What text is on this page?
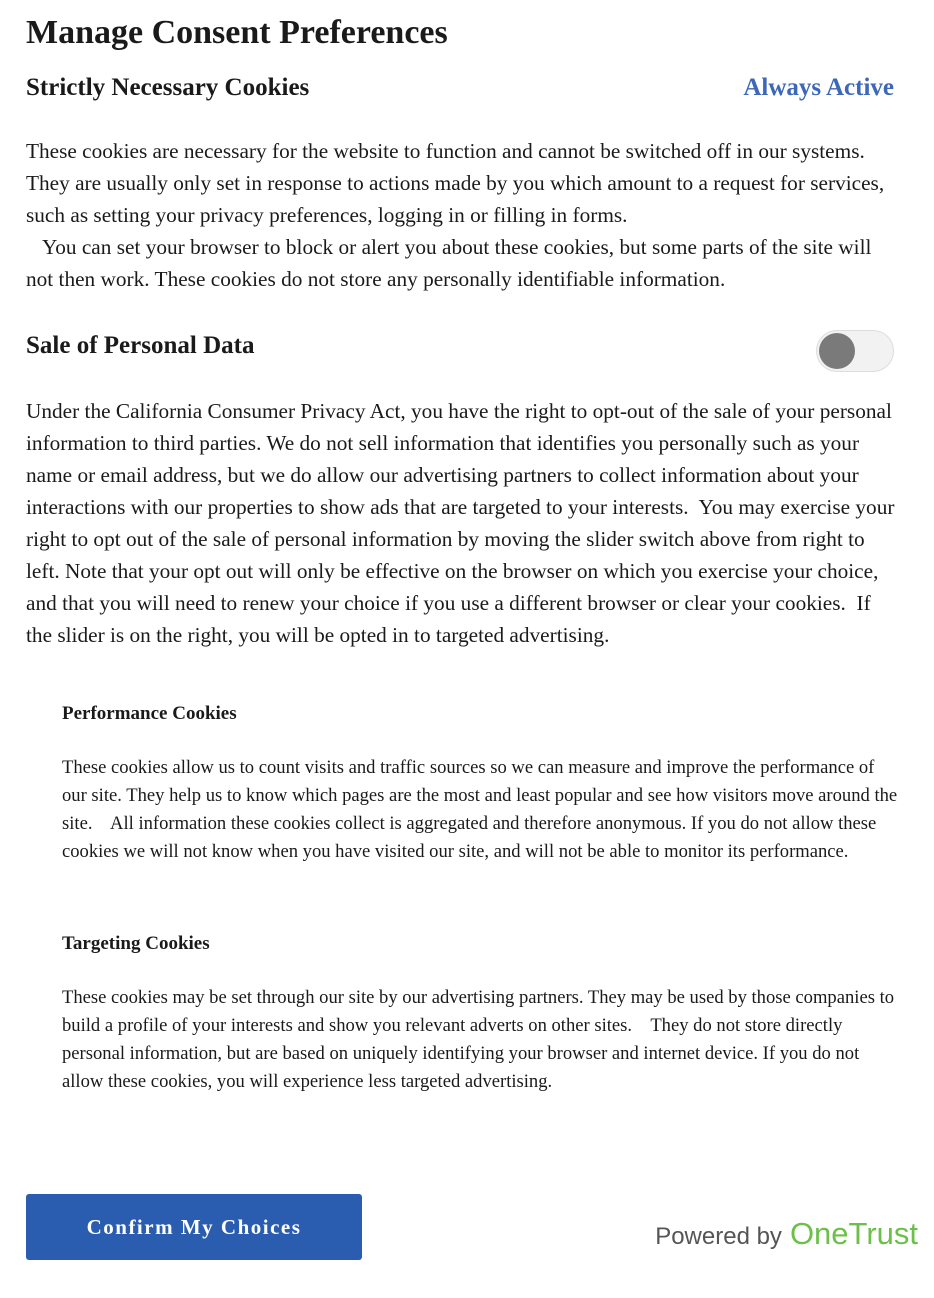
Manage Consent Preferences
Strictly Necessary Cookies	Always Active

These cookies are necessary for the website to function and cannot be switched off in our systems. They are usually only set in response to actions made by you which amount to a request for services, such as setting your privacy preferences, logging in or filling in forms.
You can set your browser to block or alert you about these cookies, but some parts of the site will not then work. These cookies do not store any personally identifiable information.

Sale of Personal Data

Under the California Consumer Privacy Act, you have the right to opt-out of the sale of your personal information to third parties. We do not sell information that identifies you personally such as your name or email address, but we do allow our advertising partners to collect information about your interactions with our properties to show ads that are targeted to your interests.  You may exercise your right to opt out of the sale of personal information by moving the slider switch above from right to left. Note that your opt out will only be effective on the browser on which you exercise your choice, and that you will need to renew your choice if you use a different browser or clear your cookies.  If the slider is on the right, you will be opted in to targeted advertising.

Performance Cookies

These cookies allow us to count visits and traffic sources so we can measure and improve the performance of our site. They help us to know which pages are the most and least popular and see how visitors move around the site.    All information these cookies collect is aggregated and therefore anonymous. If you do not allow these cookies we will not know when you have visited our site, and will not be able to monitor its performance.

Targeting Cookies

These cookies may be set through our site by our advertising partners. They may be used by those companies to build a profile of your interests and show you relevant adverts on other sites.    They do not store directly personal information, but are based on uniquely identifying your browser and internet device. If you do not allow these cookies, you will experience less targeted advertising.

Confirm My Choices	Powered by OneTrust
